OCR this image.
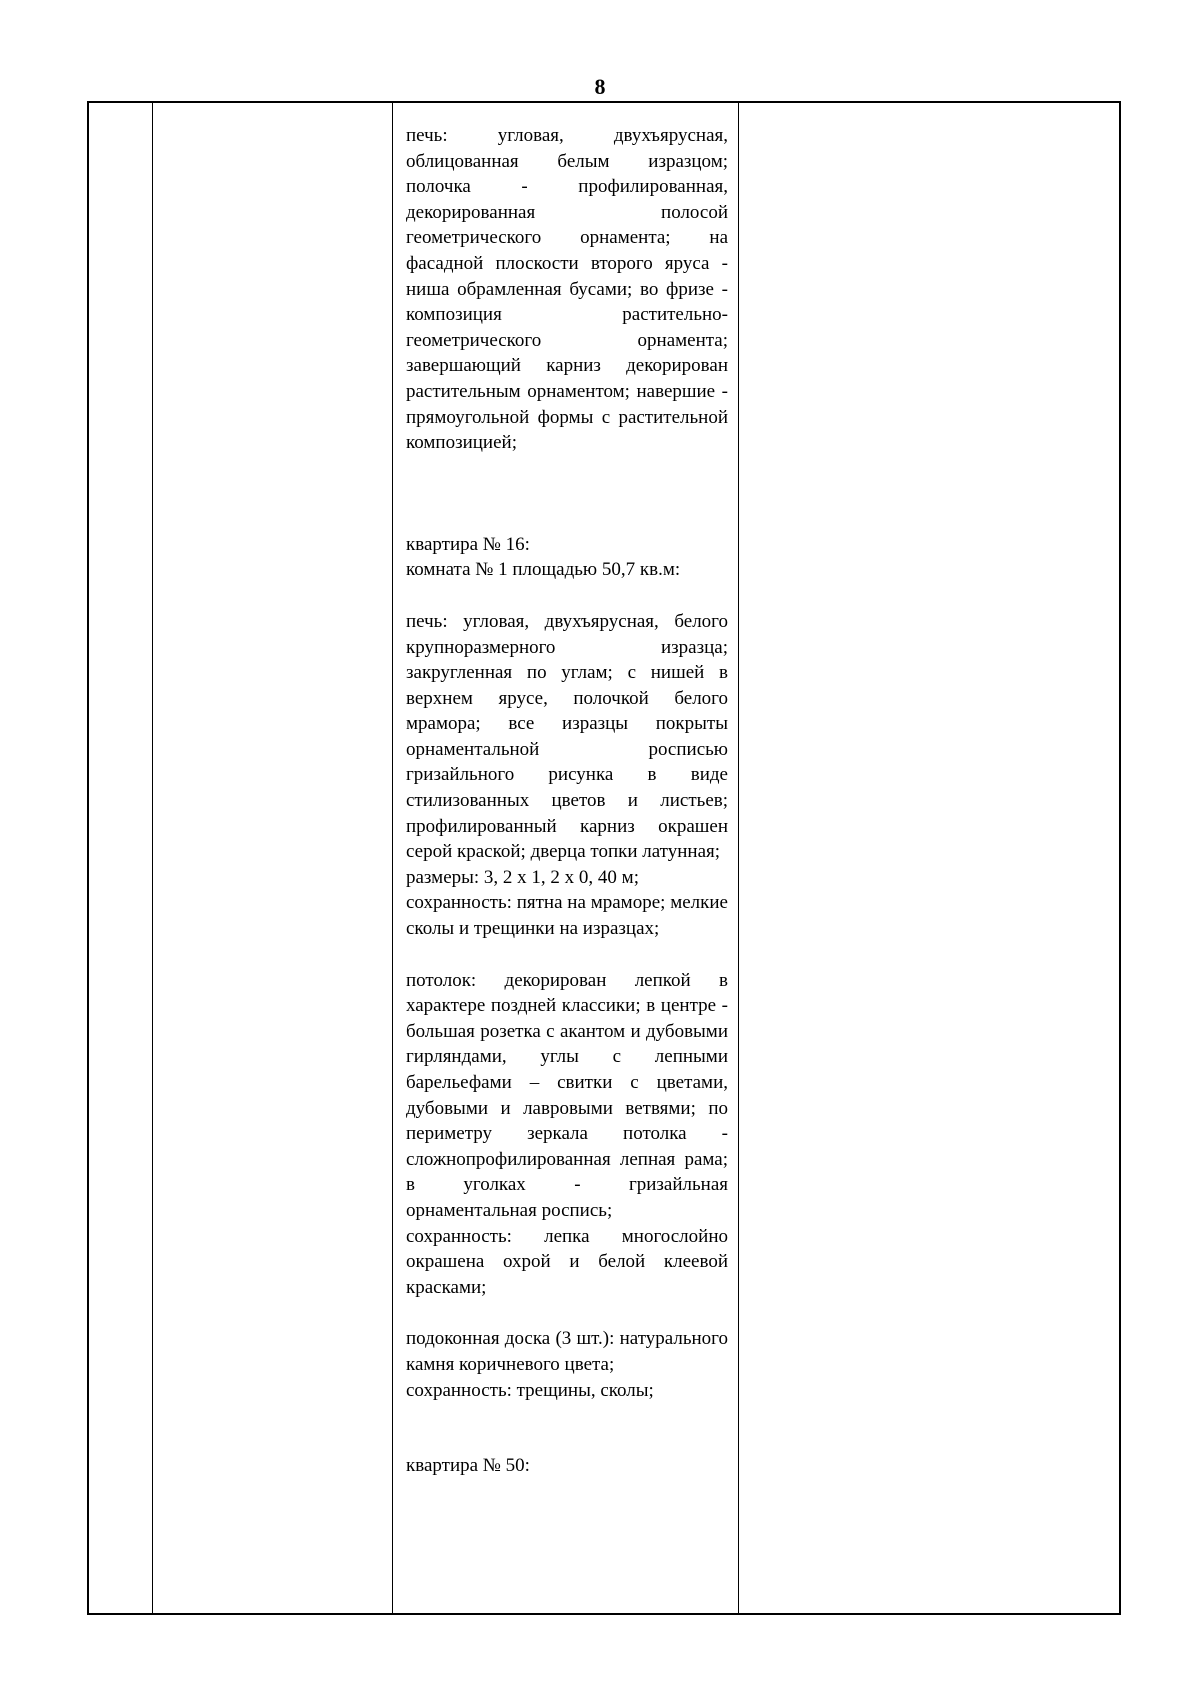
8

печь: угловая, двухъярусная, облицованная белым изразцом; полочка - профилированная, декорированная полосой геометрического орнамента; на фасадной плоскости второго яруса - ниша обрамленная бусами; во фризе - композиция растительно-геометрического орнамента; завершающий карниз декорирован растительным орнаментом; навершие - прямоугольной формы с растительной композицией;

квартира № 16:

комната № 1 площадью 50,7 кв.м:

печь: угловая, двухъярусная, белого крупноразмерного изразца; закругленная по углам; с нишей в верхнем ярусе, полочкой белого мрамора; все изразцы покрыты орнаментальной росписью гризайльного рисунка в виде стилизованных цветов и листьев; профилированный карниз окрашен серой краской; дверца топки латунная;

размеры: 3, 2 х 1, 2 х 0, 40 м;

сохранность: пятна на мраморе; мелкие сколы и трещинки на изразцах;

потолок: декорирован лепкой в характере поздней классики; в центре - большая розетка с акантом и дубовыми гирляндами, углы с лепными барельефами – свитки с цветами, дубовыми и лавровыми ветвями; по периметру зеркала потолка - сложнопрофилированная лепная рама; в уголках - гризайльная орнаментальная роспись;

сохранность: лепка многослойно окрашена охрой и белой клеевой красками;

подоконная доска (3 шт.): натурального камня коричневого цвета;

сохранность: трещины, сколы;

квартира № 50:
